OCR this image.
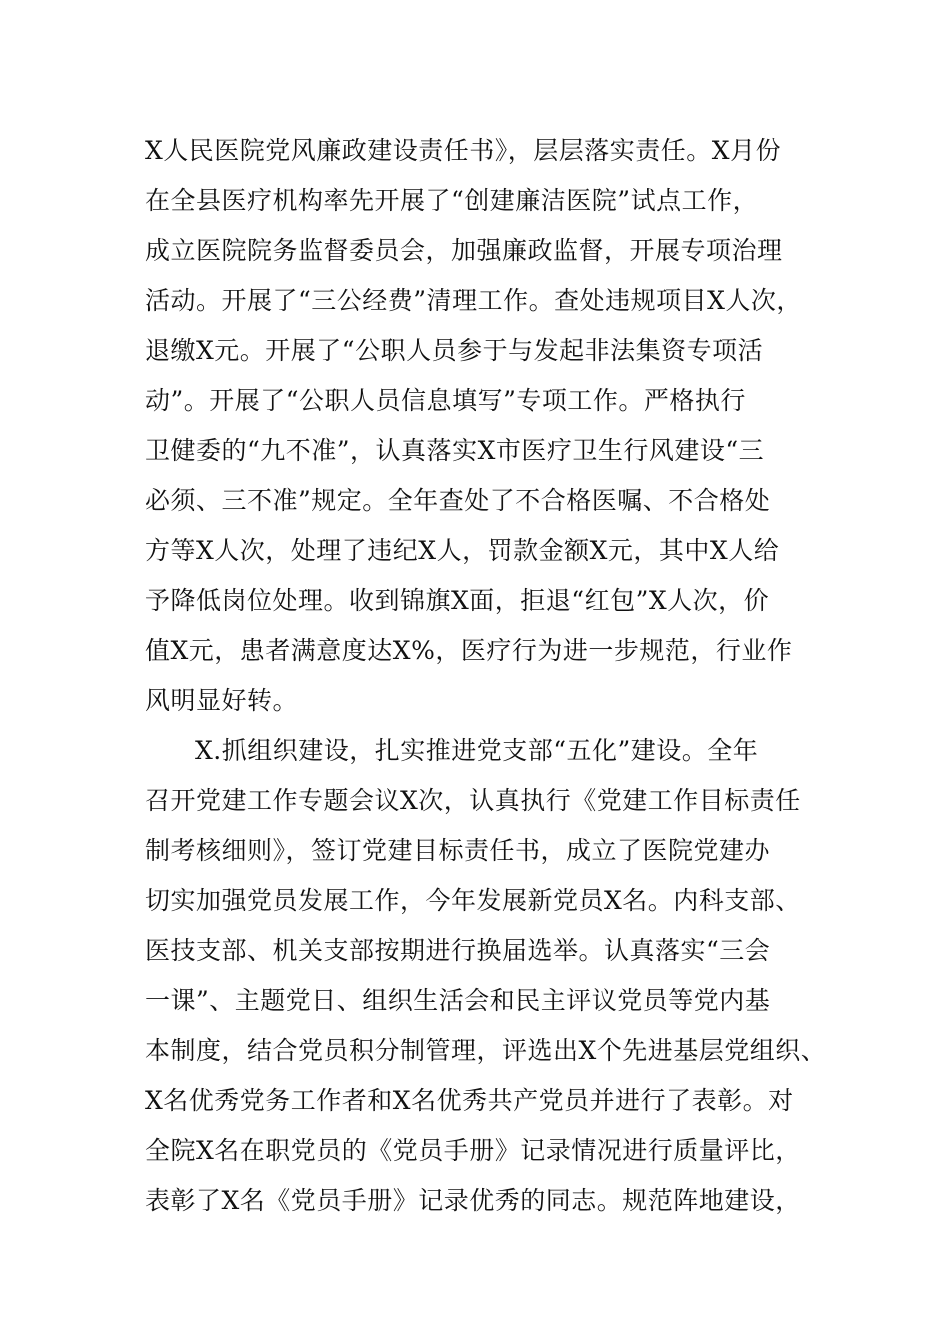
X人民医院党风廉政建设责任书》，层层落实责任。X月份
在全县医疗机构率先开展了“创建廉洁医院”试点工作，
成立医院院务监督委员会，加强廉政监督，开展专项治理
活动。开展了“三公经费”清理工作。查处违规项目X人次，
退缴X元。开展了“公职人员参于与发起非法集资专项活
动”。开展了“公职人员信息填写”专项工作。严格执行
卫健委的“九不准”，认真落实X市医疗卫生行风建设“三
必须、三不准”规定。全年查处了不合格医嘱、不合格处
方等X人次，处理了违纪X人，罚款金额X元，其中X人给
予降低岗位处理。收到锦旗X面，拒退“红包”X人次，价
值X元，患者满意度达X%，医疗行为进一步规范，行业作
风明显好转。
X.抓组织建设，扎实推进党支部“五化”建设。全年
召开党建工作专题会议X次，认真执行《党建工作目标责任
制考核细则》，签订党建目标责任书，成立了医院党建办
切实加强党员发展工作，今年发展新党员X名。内科支部、
医技支部、机关支部按期进行换届选举。认真落实“三会
一课”、主题党日、组织生活会和民主评议党员等党内基
本制度，结合党员积分制管理，评选出X个先进基层党组织、
X名优秀党务工作者和X名优秀共产党员并进行了表彰。对
全院X名在职党员的《党员手册》记录情况进行质量评比，
表彰了X名《党员手册》记录优秀的同志。规范阵地建设，
